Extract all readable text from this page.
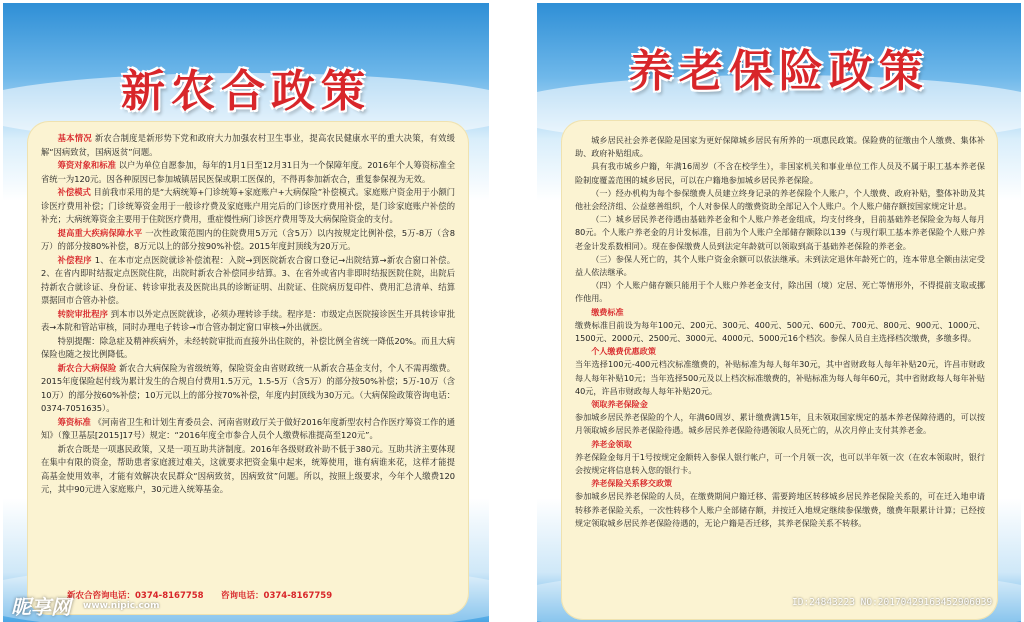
新农合政策

基本情况 新农合制度是新形势下党和政府大力加强农村卫生事业，提高农民健康水平的重大决策，有效缓解“因病致贫，国病返贫”问题。

筹资对象和标准 以户为单位自愿参加，每年的1月1日至12月31日为一个保障年度。2016年个人筹资标准全省统一为120元。因各种原因已参加城镇居民医保或职工医保的，不得再参加新农合，重复参保视为无效。

补偿模式 目前我市采用的是“大病统筹+门诊统筹+家庭账户+大病保险”补偿模式。家庭账户资金用于小额门诊医疗费用补偿；门诊统筹资金用于一般诊疗费及家庭账户用完后的门诊医疗费用补偿，是门诊家庭账户补偿的补充；大病统筹资金主要用于住院医疗费用，重症慢性病门诊医疗费用等及大病保险资金的支付。

提高重大疾病保障水平 一次性政策范围内的住院费用5万元（含5万）以内按规定比例补偿，5万-8万（含8万）的部分按80%补偿，8万元以上的部分按90%补偿。2015年度封顶线为20万元。

补偿程序 1、在本市定点医院就诊补偿流程：入院→到医院新农合窗口登记→出院结算→新农合窗口补偿。2、在省内即时结报定点医院住院，出院时新农合补偿同步结算。3、在省外或省内非即时结报医院住院，出院后持新农合就诊证、身份证、转诊审批表及医院出具的诊断证明、出院证、住院病历复印件、费用汇总清单、结算票据回市合管办补偿。

转院审批程序 到本市以外定点医院就诊，必须办理转诊手续。程序是：市级定点医院接诊医生开具转诊审批表→本院和管站审核，同时办理电子转诊→市合管办制定窗口审核→外出就医。

特别提醒：除急症及精神疾病外，未经转院审批而直接外出住院的，补偿比例全省统一降低20%。而且大病保险也随之按比例降低。

新农合大病保险 新农合大病保险为省级统筹，保险资金由省财政统一从新农合基金支付，个人不需再缴费。2015年度保险起付线为累计发生的合规自付费用1.5万元，1.5-5万（含5万）的部分按50%补偿；5万-10万（含10万）的部分按60%补偿；10万元以上的部分按70%补偿，年度内封顶线为30万元。（大病保险政策咨询电话：0374-7051635）。

筹资标准 《河南省卫生和计划生育委员会、河南省财政厅关于做好2016年度新型农村合作医疗筹资工作的通知》（豫卫基层[2015]17号）规定：“2016年度全市参合人员个人缴费标准提高至120元”。

新农合既是一项惠民政策，又是一项互助共济制度。2016年各级财政补助不低于380元。互助共济主要体现在集中有限的资金，帮助患者家庭渡过难关，这就要求把资金集中起来，统筹使用，谁有病谁来花，这样才能提高基金使用效率，才能有效解决农民群众“因病致贫，因病致贫”问题。所以，按照上级要求，今年个人缴费120元，其中90元进入家庭账户，30元进入统筹基金。

新农合咨询电话：0374-8167758 咨询电话：0374-8167759
昵享网 www.nipic.com
养老保险政策

城乡居民社会养老保险是国家为更好保障城乡居民有所养的一项惠民政策。保险费的征缴由个人缴费、集体补助、政府补贴组成。

具有我市城乡户籍，年满16周岁（不含在校学生），非国家机关和事业单位工作人员及不属于职工基本养老保险制度覆盖范围的城乡居民，可以在户籍地参加城乡居民养老保险。

（一）经办机构为每个参保缴费人员建立终身记录的养老保险个人账户，个人缴费、政府补贴，整体补助及其他社会经济组、公益慈善组织，个人对参保人的缴费资助全部记入个人账户。个人账户储存额按国家规定计息。

（二）城乡居民养老待遇由基础养老金和个人账户养老金组成，均支付终身，目前基础养老保险金为每人每月80元。个人账户养老金的月计发标准，目前为个人账户全部储存额除以139（与现行职工基本养老保险个人账户养老金计发系数相同）。现在参保缴费人员到法定年龄就可以领取到高于基础养老保险的养老金。

（三）参保人死亡的，其个人账户资金余额可以依法继承。未到法定退休年龄死亡的，连本带息全额由法定受益人依法继承。

（四）个人账户储存额只能用于个人账户养老金支付，除出国（境）定居、死亡等情形外，不得提前支取或挪作他用。

缴费标准
缴费标准目前设为每年100元、200元、300元、400元、500元、600元、700元、800元、900元、1000元、1500元、2000元、2500元、3000元、4000元、5000元16个档次。参保人员自主选择档次缴费，多缴多得。

个人缴费优惠政策
当年选择100元-400元档次标准缴费的，补贴标准为每人每年30元，其中省财政每人每年补贴20元，许昌市财政每人每年补贴10元；当年选择500元及以上档次标准缴费的，补贴标准为每人每年60元，其中省财政每人每年补贴40元，许昌市财政每人每年补贴20元。

领取养老保险金
参加城乡居民养老保险的个人，年满60周岁、累计缴费满15年，且未领取国家规定的基本养老保障待遇的，可以按月领取城乡居民养老保险待遇。城乡居民养老保险待遇领取人员死亡的，从次月停止支付其养老金。

养老金领取
养老保险金每月于1号按规定金额转入参保人银行帐户，可一个月领一次，也可以半年领一次（在农本领取时，银行会按规定将信息转入您的银行卡。

养老保险关系移交政策
参加城乡居民养老保险的人员，在缴费期间户籍迁移、需要跨地区转移城乡居民养老保险关系的，可在迁入地申请转移养老保险关系，一次性转移个人账户全部储存额，并按迁入地规定继续参保缴费，缴费年限累计计算；已经按规定领取城乡居民养老保险待遇的，无论户籍是否迁移，其养老保险关系不转移。

ID:24843223 NO:20170429163452906039
